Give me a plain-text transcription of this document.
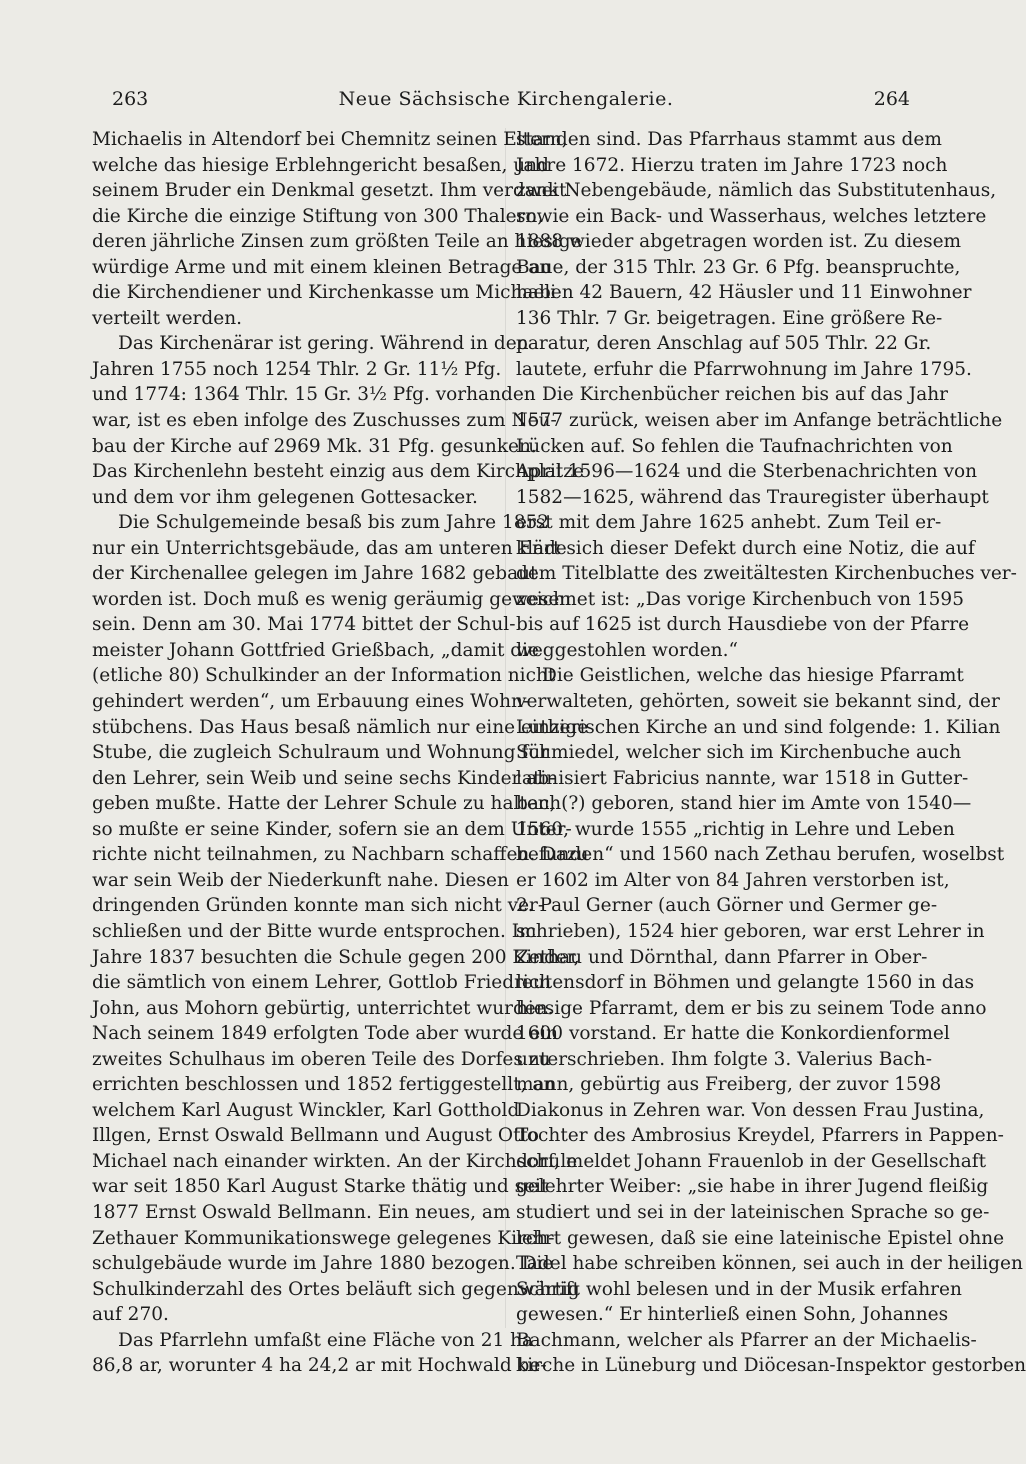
263	Neue Sächsische Kirchengalerie.	264

Michaelis in Altendorf bei Chemnitz seinen Eltern,

welche das hiesige Erblehngericht besaßen, und

seinem Bruder ein Denkmal gesetzt. Ihm verdankt

die Kirche die einzige Stiftung von 300 Thalern,

deren jährliche Zinsen zum größten Teile an hiesige

würdige Arme und mit einem kleinen Betrage an

die Kirchendiener und Kirchenkasse um Michaeli

verteilt werden.

Das Kirchenärar ist gering. Während in den

Jahren 1755 noch 1254 Thlr. 2 Gr. 11½ Pfg.

und 1774: 1364 Thlr. 15 Gr. 3½ Pfg. vorhanden

war, ist es eben infolge des Zuschusses zum Neu-

bau der Kirche auf 2969 Mk. 31 Pfg. gesunken.

Das Kirchenlehn besteht einzig aus dem Kirchplatze

und dem vor ihm gelegenen Gottesacker.

Die Schulgemeinde besaß bis zum Jahre 1852

nur ein Unterrichtsgebäude, das am unteren Ende

der Kirchenallee gelegen im Jahre 1682 gebaut

worden ist. Doch muß es wenig geräumig gewesen

sein. Denn am 30. Mai 1774 bittet der Schul-

meister Johann Gottfried Grießbach, „damit die

(etliche 80) Schulkinder an der Information nicht

gehindert werden“, um Erbauung eines Wohn-

stübchens. Das Haus besaß nämlich nur eine einzige

Stube, die zugleich Schulraum und Wohnung für

den Lehrer, sein Weib und seine sechs Kinder ab-

geben mußte. Hatte der Lehrer Schule zu halten,

so mußte er seine Kinder, sofern sie an dem Unter-

richte nicht teilnahmen, zu Nachbarn schaffen. Dazu

war sein Weib der Niederkunft nahe. Diesen

dringenden Gründen konnte man sich nicht ver-

schließen und der Bitte wurde entsprochen. Im

Jahre 1837 besuchten die Schule gegen 200 Kinder,

die sämtlich von einem Lehrer, Gottlob Friedrich

John, aus Mohorn gebürtig, unterrichtet wurden.

Nach seinem 1849 erfolgten Tode aber wurde ein

zweites Schulhaus im oberen Teile des Dorfes zu

errichten beschlossen und 1852 fertiggestellt, an

welchem Karl August Winckler, Karl Gotthold

Illgen, Ernst Oswald Bellmann und August Otto

Michael nach einander wirkten. An der Kirchschule

war seit 1850 Karl August Starke thätig und seit

1877 Ernst Oswald Bellmann. Ein neues, am

Zethauer Kommunikationswege gelegenes Kirch-

schulgebäude wurde im Jahre 1880 bezogen. Die

Schulkinderzahl des Ortes beläuft sich gegenwärtig

auf 270.

Das Pfarrlehn umfaßt eine Fläche von 21 ha

86,8 ar, worunter 4 ha 24,2 ar mit Hochwald be-

standen sind. Das Pfarrhaus stammt aus dem

Jahre 1672. Hierzu traten im Jahre 1723 noch

zwei Nebengebäude, nämlich das Substitutenhaus,

sowie ein Back- und Wasserhaus, welches letztere

1888 wieder abgetragen worden ist. Zu diesem

Baue, der 315 Thlr. 23 Gr. 6 Pfg. beanspruchte,

haben 42 Bauern, 42 Häusler und 11 Einwohner

136 Thlr. 7 Gr. beigetragen. Eine größere Re-

paratur, deren Anschlag auf 505 Thlr. 22 Gr.

lautete, erfuhr die Pfarrwohnung im Jahre 1795.

Die Kirchenbücher reichen bis auf das Jahr

1577 zurück, weisen aber im Anfange beträchtliche

Lücken auf. So fehlen die Taufnachrichten von

April 1596—1624 und die Sterbenachrichten von

1582—1625, während das Trauregister überhaupt

erst mit dem Jahre 1625 anhebt. Zum Teil er-

klärt sich dieser Defekt durch eine Notiz, die auf

dem Titelblatte des zweitältesten Kirchenbuches ver-

zeichnet ist: „Das vorige Kirchenbuch von 1595

bis auf 1625 ist durch Hausdiebe von der Pfarre

weggestohlen worden.“

Die Geistlichen, welche das hiesige Pfarramt

verwalteten, gehörten, soweit sie bekannt sind, der

Lutherischen Kirche an und sind folgende: 1. Kilian

Schmiedel, welcher sich im Kirchenbuche auch

latinisiert Fabricius nannte, war 1518 in Gutter-

bach(?) geboren, stand hier im Amte von 1540—

1560, wurde 1555 „richtig in Lehre und Leben

befunden“ und 1560 nach Zethau berufen, woselbst

er 1602 im Alter von 84 Jahren verstorben ist,

2. Paul Gerner (auch Görner und Germer ge-

schrieben), 1524 hier geboren, war erst Lehrer in

Zethau und Dörnthal, dann Pfarrer in Ober-

leutensdorf in Böhmen und gelangte 1560 in das

hiesige Pfarramt, dem er bis zu seinem Tode anno

1600 vorstand. Er hatte die Konkordienformel

unterschrieben. Ihm folgte 3. Valerius Bach-

mann, gebürtig aus Freiberg, der zuvor 1598

Diakonus in Zehren war. Von dessen Frau Justina,

Tochter des Ambrosius Kreydel, Pfarrers in Pappen-

dorf, meldet Johann Frauenlob in der Gesellschaft

gelehrter Weiber: „sie habe in ihrer Jugend fleißig

studiert und sei in der lateinischen Sprache so ge-

lehrt gewesen, daß sie eine lateinische Epistel ohne

Tadel habe schreiben können, sei auch in der heiligen

Schrift wohl belesen und in der Musik erfahren

gewesen.“ Er hinterließ einen Sohn, Johannes

Bachmann, welcher als Pfarrer an der Michaelis-

kirche in Lüneburg und Diöcesan-Inspektor gestorben
